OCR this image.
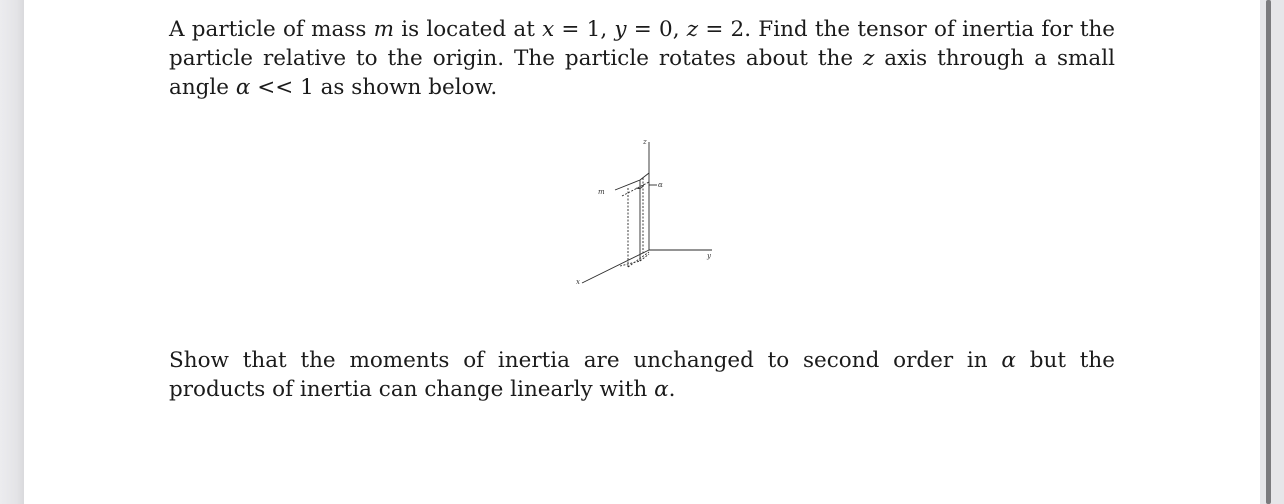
A particle of mass m is located at x = 1, y = 0, z = 2. Find the tensor of inertia for the particle relative to the origin. The particle rotates about the z axis through a small angle α << 1 as shown below.

z
m
α
y
x

Show that the moments of inertia are unchanged to second order in α but the products of inertia can change linearly with α.
